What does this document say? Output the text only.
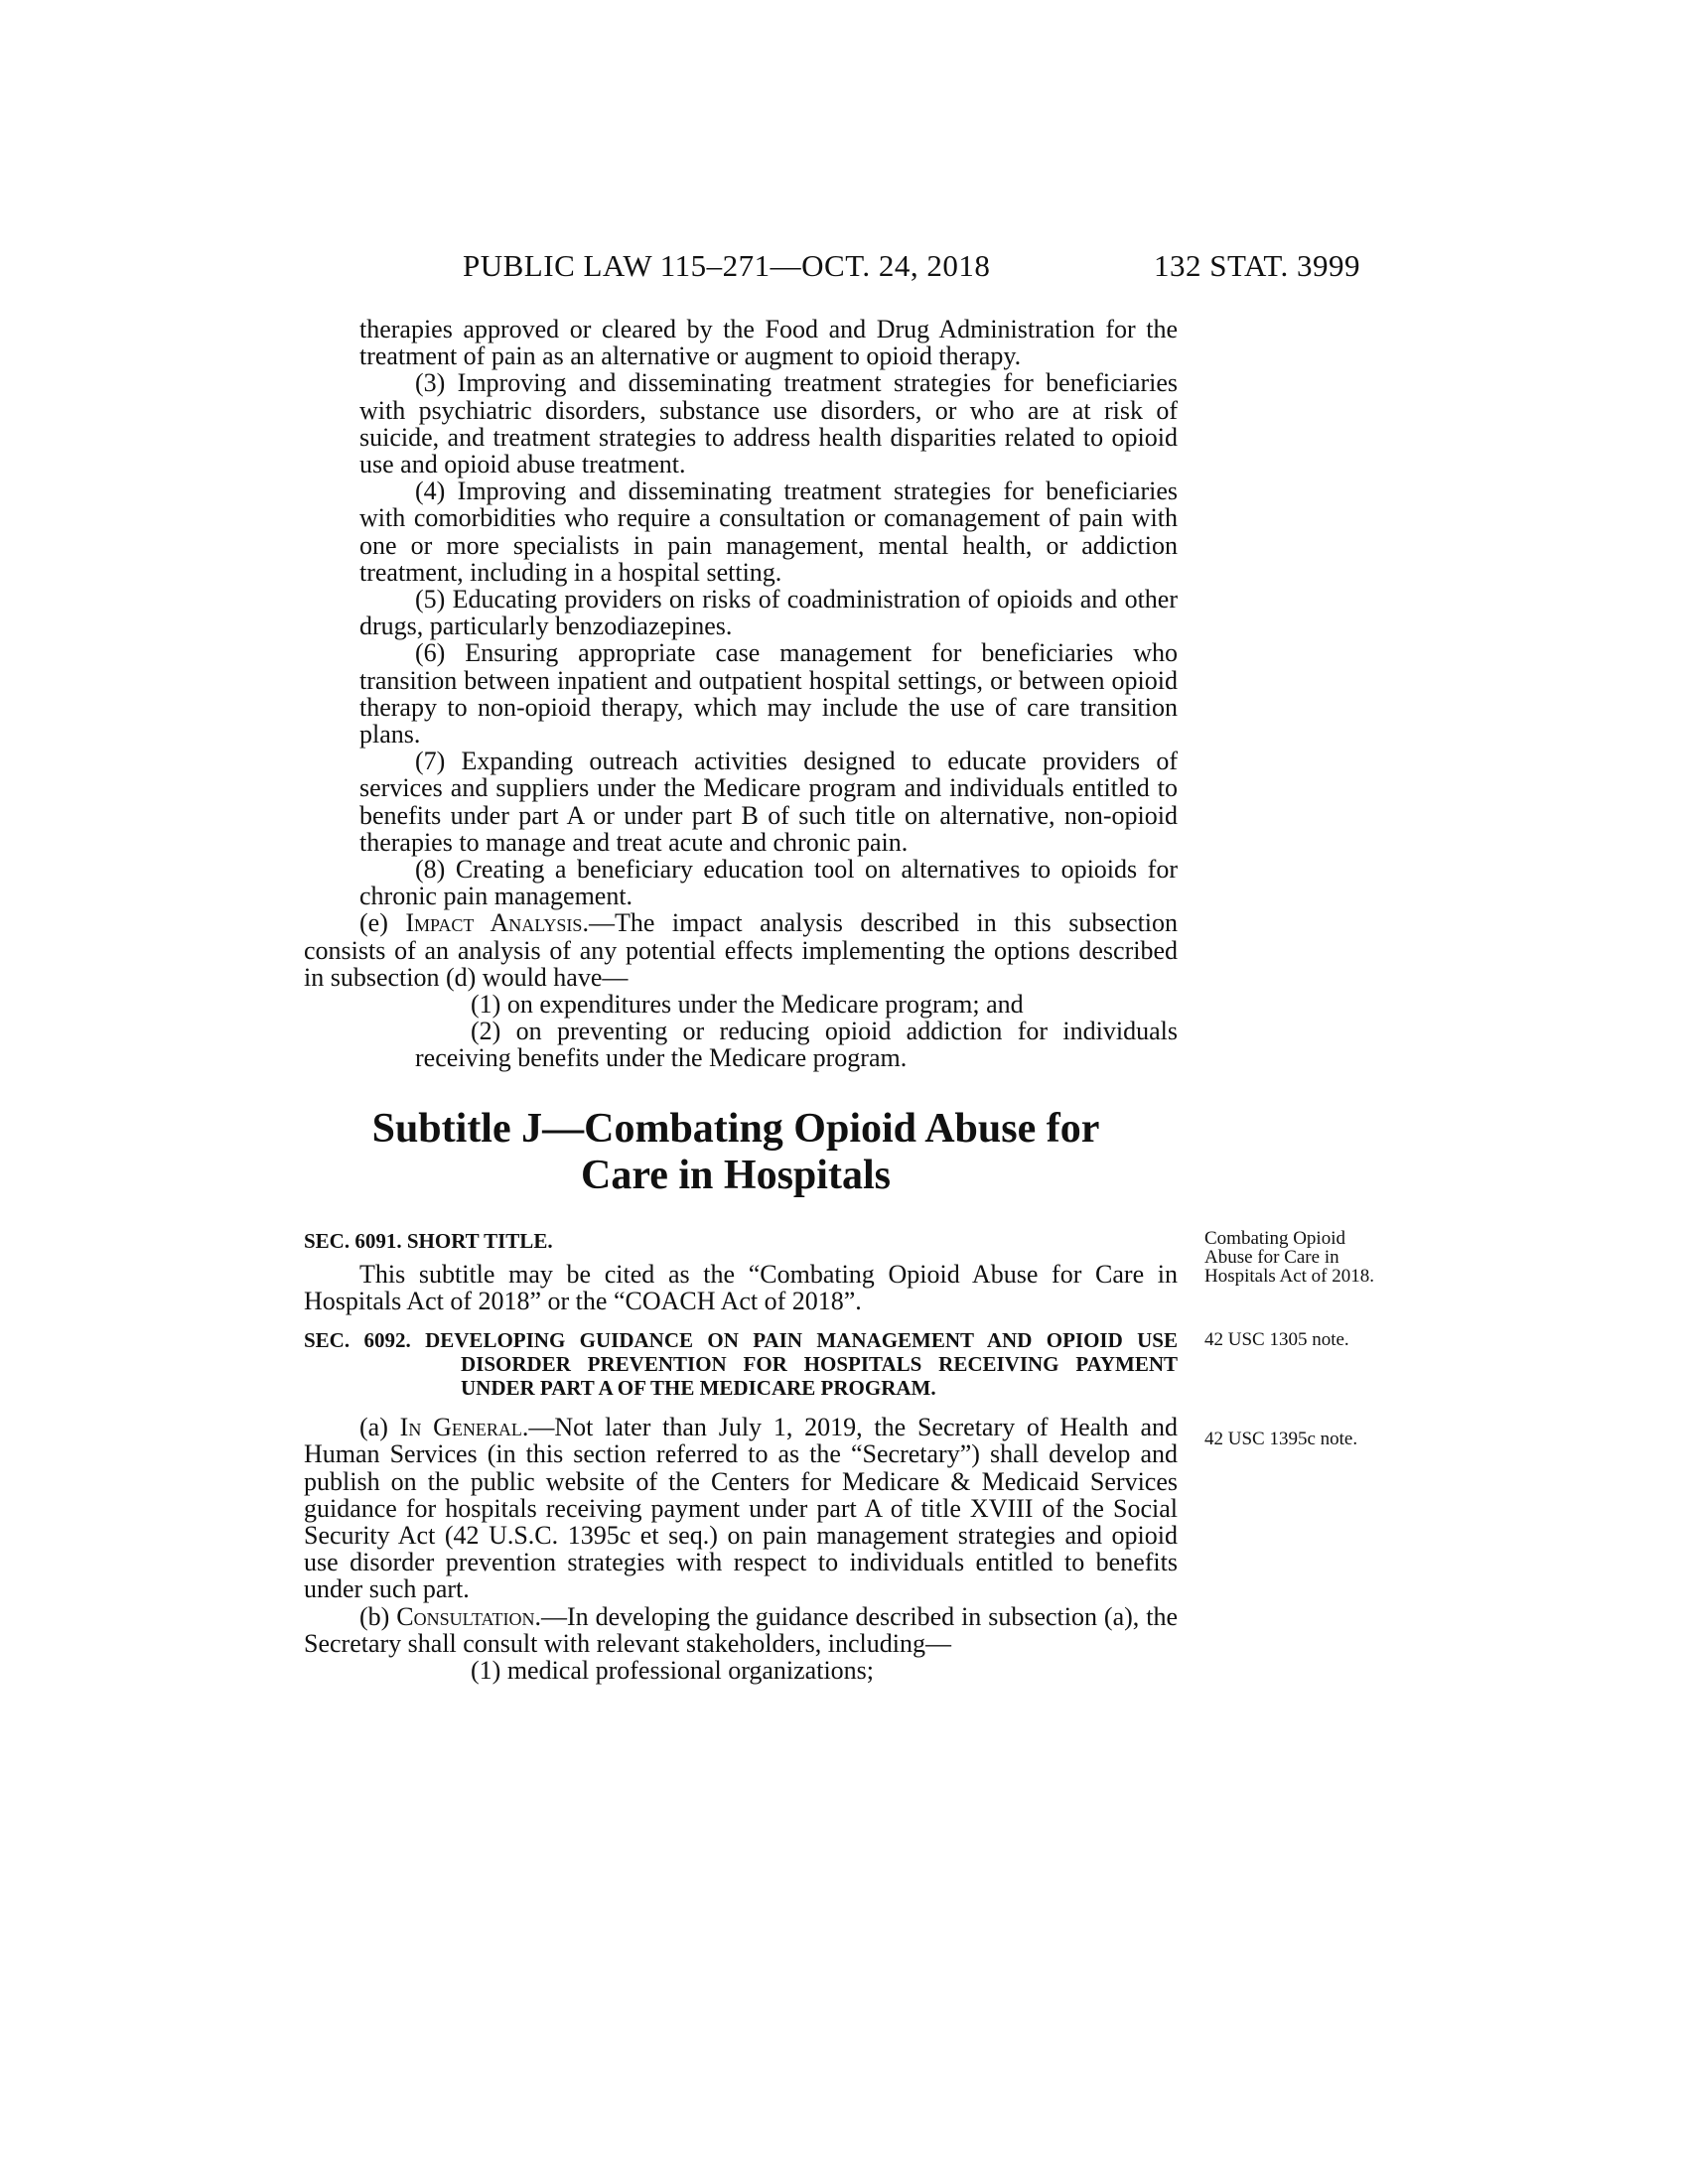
PUBLIC LAW 115–271—OCT. 24, 2018	132 STAT. 3999

therapies approved or cleared by the Food and Drug Administration for the treatment of pain as an alternative or augment to opioid therapy.

(3) Improving and disseminating treatment strategies for beneficiaries with psychiatric disorders, substance use disorders, or who are at risk of suicide, and treatment strategies to address health disparities related to opioid use and opioid abuse treatment.

(4) Improving and disseminating treatment strategies for beneficiaries with comorbidities who require a consultation or comanagement of pain with one or more specialists in pain management, mental health, or addiction treatment, including in a hospital setting.

(5) Educating providers on risks of coadministration of opioids and other drugs, particularly benzodiazepines.

(6) Ensuring appropriate case management for beneficiaries who transition between inpatient and outpatient hospital settings, or between opioid therapy to non-opioid therapy, which may include the use of care transition plans.

(7) Expanding outreach activities designed to educate providers of services and suppliers under the Medicare program and individuals entitled to benefits under part A or under part B of such title on alternative, non-opioid therapies to manage and treat acute and chronic pain.

(8) Creating a beneficiary education tool on alternatives to opioids for chronic pain management.

(e) Impact Analysis.—The impact analysis described in this subsection consists of an analysis of any potential effects implementing the options described in subsection (d) would have—

(1) on expenditures under the Medicare program; and

(2) on preventing or reducing opioid addiction for individuals receiving benefits under the Medicare program.

Subtitle J—Combating Opioid Abuse for
Care in Hospitals

SEC. 6091. SHORT TITLE.

This subtitle may be cited as the “Combating Opioid Abuse for Care in Hospitals Act of 2018” or the “COACH Act of 2018”.

SEC. 6092. DEVELOPING GUIDANCE ON PAIN MANAGEMENT AND OPIOID USE DISORDER PREVENTION FOR HOSPITALS RECEIVING PAYMENT UNDER PART A OF THE MEDICARE PROGRAM.

(a) In General.—Not later than July 1, 2019, the Secretary of Health and Human Services (in this section referred to as the “Secretary”) shall develop and publish on the public website of the Centers for Medicare & Medicaid Services guidance for hospitals receiving payment under part A of title XVIII of the Social Security Act (42 U.S.C. 1395c et seq.) on pain management strategies and opioid use disorder prevention strategies with respect to individuals entitled to benefits under such part.

(b) Consultation.—In developing the guidance described in subsection (a), the Secretary shall consult with relevant stakeholders, including—

(1) medical professional organizations;

Combating Opioid Abuse for Care in Hospitals Act of 2018.
42 USC 1305 note.
42 USC 1395c note.
